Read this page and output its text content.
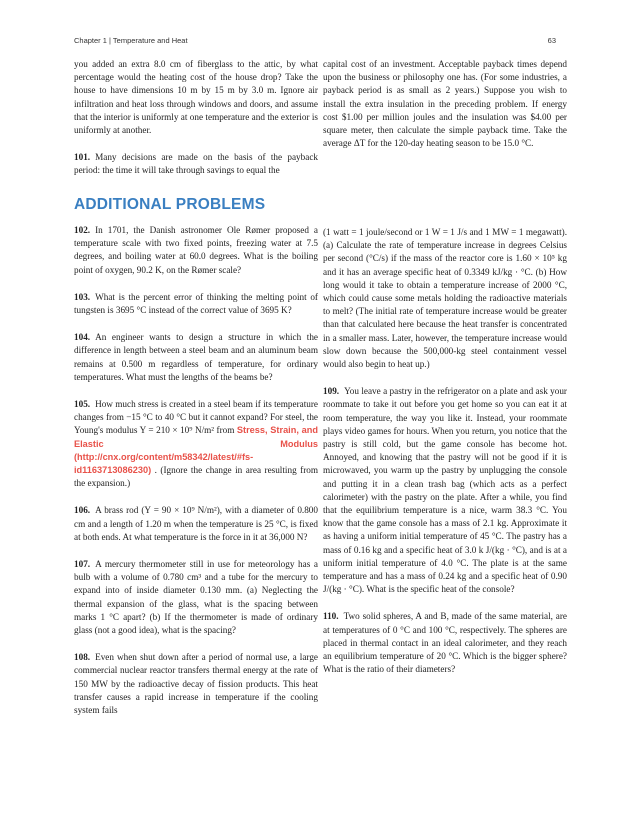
Chapter 1 | Temperature and Heat	63

you added an extra 8.0 cm of fiberglass to the attic, by what percentage would the heating cost of the house drop? Take the house to have dimensions 10 m by 15 m by 3.0 m. Ignore air infiltration and heat loss through windows and doors, and assume that the interior is uniformly at one temperature and the exterior is uniformly at another.

101. Many decisions are made on the basis of the payback period: the time it will take through savings to equal the

capital cost of an investment. Acceptable payback times depend upon the business or philosophy one has. (For some industries, a payback period is as small as 2 years.) Suppose you wish to install the extra insulation in the preceding problem. If energy cost $1.00 per million joules and the insulation was $4.00 per square meter, then calculate the simple payback time. Take the average ΔT for the 120-day heating season to be 15.0 °C.

ADDITIONAL PROBLEMS

102. In 1701, the Danish astronomer Ole Rømer proposed a temperature scale with two fixed points, freezing water at 7.5 degrees, and boiling water at 60.0 degrees. What is the boiling point of oxygen, 90.2 K, on the Rømer scale?

103. What is the percent error of thinking the melting point of tungsten is 3695 °C instead of the correct value of 3695 K?

104. An engineer wants to design a structure in which the difference in length between a steel beam and an aluminum beam remains at 0.500 m regardless of temperature, for ordinary temperatures. What must the lengths of the beams be?

105. How much stress is created in a steel beam if its temperature changes from −15 °C to 40 °C but it cannot expand? For steel, the Young's modulus Y = 210 × 10⁹ N/m² from Stress, Strain, and Elastic Modulus (http://cnx.org/content/m58342/latest/#fs-id1163713086230) . (Ignore the change in area resulting from the expansion.)

106. A brass rod (Y = 90 × 10⁹ N/m²), with a diameter of 0.800 cm and a length of 1.20 m when the temperature is 25 °C, is fixed at both ends. At what temperature is the force in it at 36,000 N?

107. A mercury thermometer still in use for meteorology has a bulb with a volume of 0.780 cm³ and a tube for the mercury to expand into of inside diameter 0.130 mm. (a) Neglecting the thermal expansion of the glass, what is the spacing between marks 1 °C apart? (b) If the thermometer is made of ordinary glass (not a good idea), what is the spacing?

108. Even when shut down after a period of normal use, a large commercial nuclear reactor transfers thermal energy at the rate of 150 MW by the radioactive decay of fission products. This heat transfer causes a rapid increase in temperature if the cooling system fails

(1 watt = 1 joule/second or 1 W = 1 J/s and 1 MW = 1 megawatt). (a) Calculate the rate of temperature increase in degrees Celsius per second (°C/s) if the mass of the reactor core is 1.60 × 10⁵ kg and it has an average specific heat of 0.3349 kJ/kg · °C. (b) How long would it take to obtain a temperature increase of 2000 °C, which could cause some metals holding the radioactive materials to melt? (The initial rate of temperature increase would be greater than that calculated here because the heat transfer is concentrated in a smaller mass. Later, however, the temperature increase would slow down because the 500,000-kg steel containment vessel would also begin to heat up.)

109. You leave a pastry in the refrigerator on a plate and ask your roommate to take it out before you get home so you can eat it at room temperature, the way you like it. Instead, your roommate plays video games for hours. When you return, you notice that the pastry is still cold, but the game console has become hot. Annoyed, and knowing that the pastry will not be good if it is microwaved, you warm up the pastry by unplugging the console and putting it in a clean trash bag (which acts as a perfect calorimeter) with the pastry on the plate. After a while, you find that the equilibrium temperature is a nice, warm 38.3 °C. You know that the game console has a mass of 2.1 kg. Approximate it as having a uniform initial temperature of 45 °C. The pastry has a mass of 0.16 kg and a specific heat of 3.0 k J/(kg · °C), and is at a uniform initial temperature of 4.0 °C. The plate is at the same temperature and has a mass of 0.24 kg and a specific heat of 0.90 J/(kg · °C). What is the specific heat of the console?

110. Two solid spheres, A and B, made of the same material, are at temperatures of 0 °C and 100 °C, respectively. The spheres are placed in thermal contact in an ideal calorimeter, and they reach an equilibrium temperature of 20 °C. Which is the bigger sphere? What is the ratio of their diameters?
